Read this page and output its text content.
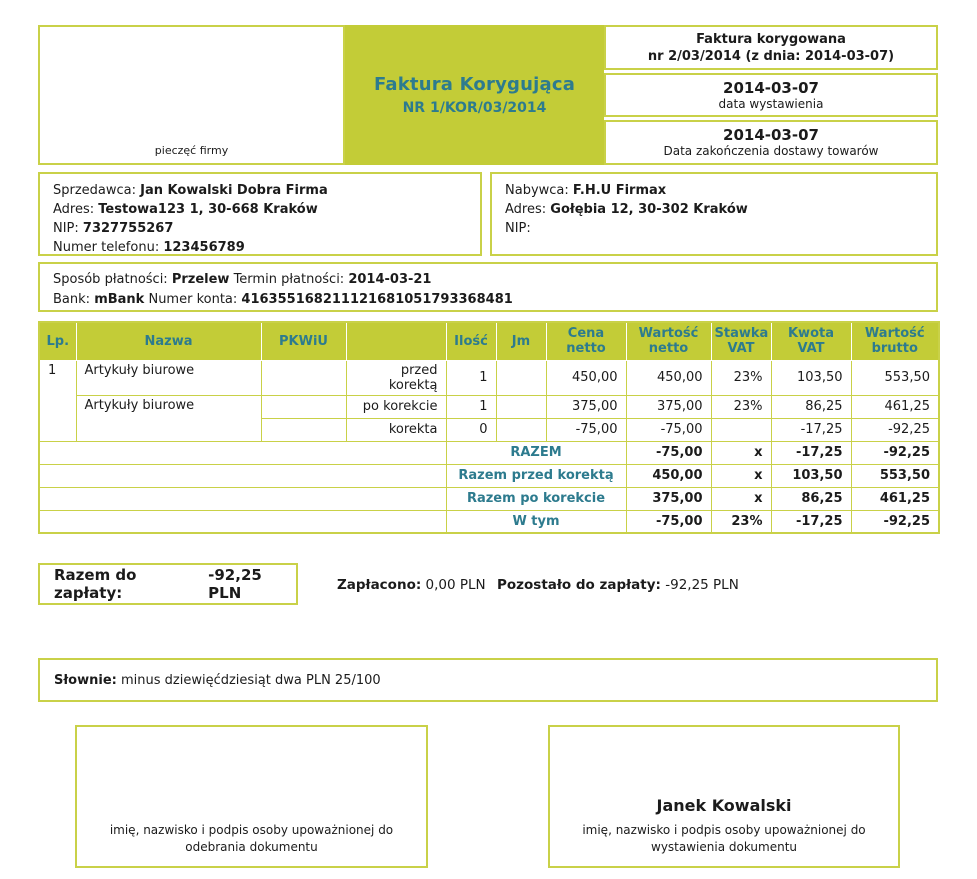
pieczęć firmy
Faktura Korygująca
NR 1/KOR/03/2014
Faktura korygowana
nr 2/03/2014 (z dnia: 2014-03-07)
2014-03-07
data wystawienia
2014-03-07
Data zakończenia dostawy towarów
Sprzedawca: Jan Kowalski Dobra Firma
Adres: Testowa123 1, 30-668 Kraków
NIP: 7327755267
Numer telefonu: 123456789
Nabywca: F.H.U Firmax
Adres: Gołębia 12, 30-302 Kraków
NIP:
Sposób płatności: Przelew Termin płatności: 2014-03-21
Bank: mBank Numer konta: 416355168211121681051793368481
Lp.	Nazwa	PKWiU		Ilość	Jm	Cena netto	Wartość netto	Stawka VAT	Kwota VAT	Wartość brutto
1	Artykuły biurowe		przed korektą	1		450,00	450,00	23%	103,50	553,50
	Artykuły biurowe		po korekcie	1		375,00	375,00	23%	86,25	461,25
			korekta	0		-75,00	-75,00		-17,25	-92,25
				RAZEM			-75,00	x	-17,25	-92,25
				Razem przed korektą			450,00	x	103,50	553,50
				Razem po korekcie			375,00	x	86,25	461,25
				W tym			-75,00	23%	-17,25	-92,25
Razem do zapłaty:

-92,25 PLN	Zapłacono: 0,00 PLN Pozostało do zapłaty: -92,25 PLN
Słownie: minus dziewięćdziesiąt dwa PLN 25/100
imię, nazwisko i podpis osoby upoważnionej do odebrania dokumentu
Janek Kowalski
imię, nazwisko i podpis osoby upoważnionej do wystawienia dokumentu
